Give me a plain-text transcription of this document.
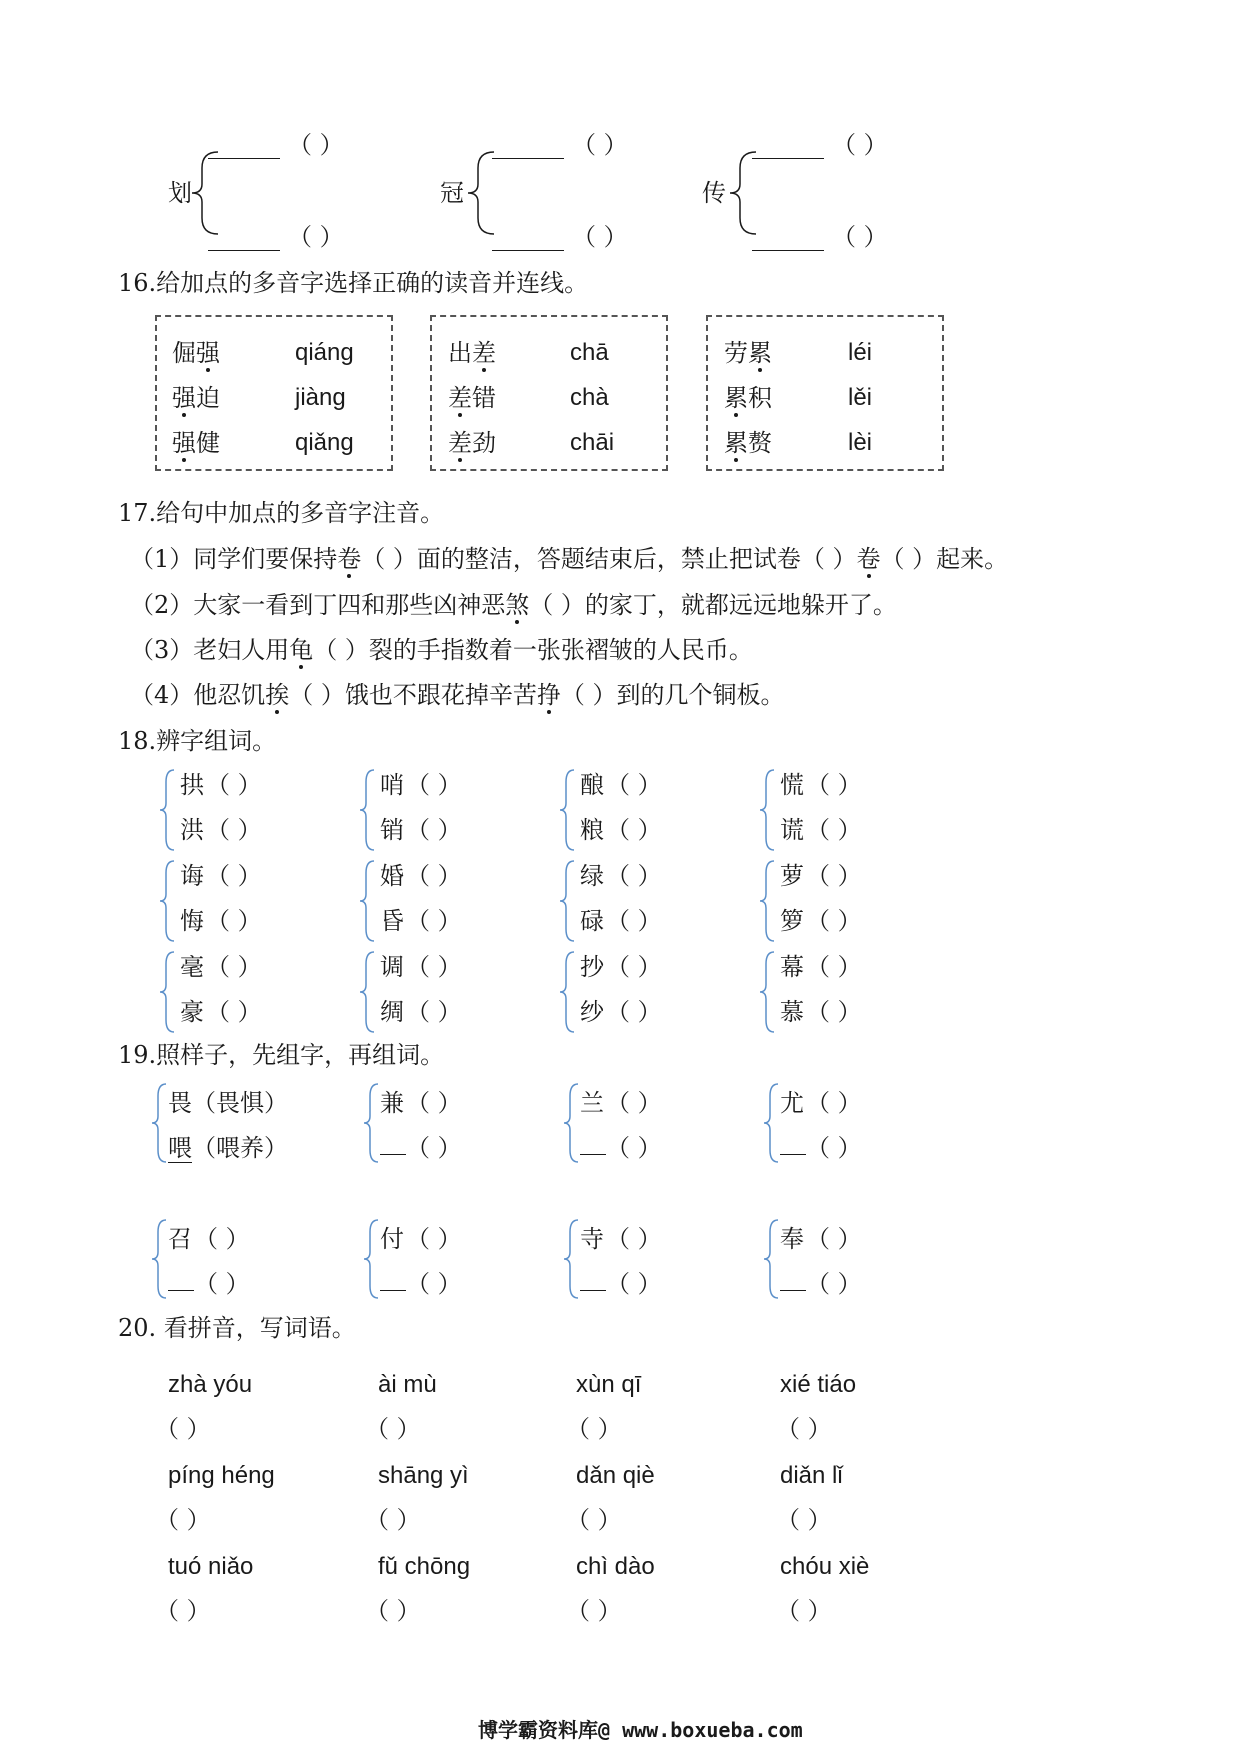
划
（ ）
（ ）
冠
（ ）
（ ）
传
（ ）
（ ）
16.给加点的多音字选择正确的读音并连线。
倔强
强迫
强健
qiáng
jiàng
qiǎng
出差
差错
差劲
chā
chà
chāi
劳累
累积
累赘
léi
lěi
lèi
17.给句中加点的多音字注音。
（1）同学们要保持卷（ ）面的整洁，答题结束后，禁止把试卷（ ）卷（ ）起来。
（2）大家一看到丁四和那些凶神恶煞（ ）的家丁，就都远远地躲开了。
（3）老妇人用龟（ ）裂的手指数着一张张褶皱的人民币。
（4）他忍饥挨（ ）饿也不跟花掉辛苦挣（ ）到的几个铜板。
18.辨字组词。
拱 （ ）
洪 （ ）
哨 （ ）
销 （ ）
酿 （ ）
粮 （ ）
慌 （ ）
谎 （ ）
诲 （ ）
悔 （ ）
婚 （ ）
昏 （ ）
绿 （ ）
碌 （ ）
萝 （ ）
箩 （ ）
毫 （ ）
豪 （ ）
调 （ ）
绸 （ ）
抄 （ ）
纱 （ ）
幕 （ ）
慕 （ ）
19.照样子，先组字，再组词。
畏（畏惧）
喂（喂养）
兼 （ ）
（ ）
兰 （ ）
（ ）
尤 （ ）
（ ）
召 （ ）
（ ）
付 （ ）
（ ）
寺 （ ）
（ ）
奉 （ ）
（ ）
20. 看拼音，写词语。
zhà yóu
（ ）
ài mù
（ ）
xùn qī
（ ）
xié tiáo
（ ）
píng héng
（ ）
shāng yì
（ ）
dǎn qiè
（ ）
diǎn lǐ
（ ）
tuó niǎo
（ ）
fǔ chōng
（ ）
chì dào
（ ）
chóu xiè
（ ）
博学霸资料库@ www.boxueba.com
